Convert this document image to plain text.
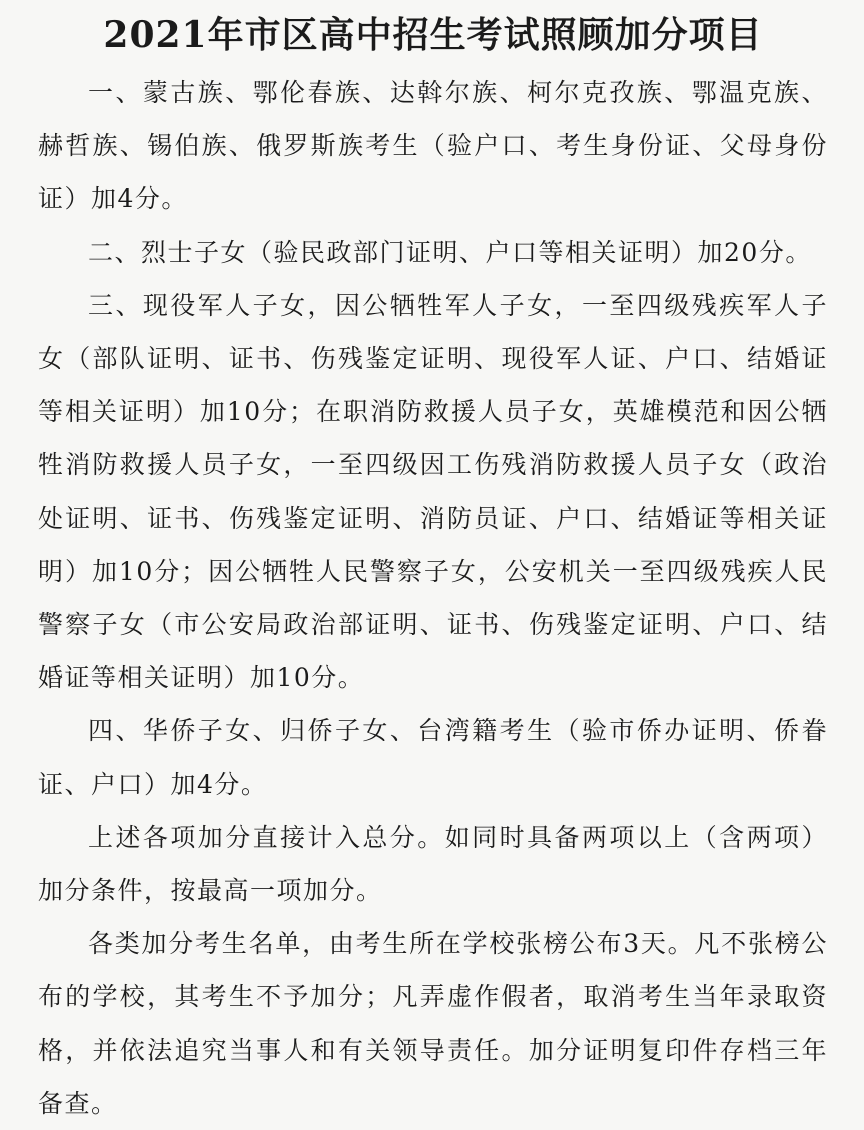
2021年市区高中招生考试照顾加分项目

一、蒙古族、鄂伦春族、达斡尔族、柯尔克孜族、鄂温克族、赫哲族、锡伯族、俄罗斯族考生（验户口、考生身份证、父母身份证）加4分。

二、烈士子女（验民政部门证明、户口等相关证明）加20分。

三、现役军人子女，因公牺牲军人子女，一至四级残疾军人子女（部队证明、证书、伤残鉴定证明、现役军人证、户口、结婚证等相关证明）加10分；在职消防救援人员子女，英雄模范和因公牺牲消防救援人员子女，一至四级因工伤残消防救援人员子女（政治处证明、证书、伤残鉴定证明、消防员证、户口、结婚证等相关证明）加10分；因公牺牲人民警察子女，公安机关一至四级残疾人民警察子女（市公安局政治部证明、证书、伤残鉴定证明、户口、结婚证等相关证明）加10分。

四、华侨子女、归侨子女、台湾籍考生（验市侨办证明、侨眷证、户口）加4分。

上述各项加分直接计入总分。如同时具备两项以上（含两项）加分条件，按最高一项加分。

各类加分考生名单，由考生所在学校张榜公布3天。凡不张榜公布的学校，其考生不予加分；凡弄虚作假者，取消考生当年录取资格，并依法追究当事人和有关领导责任。加分证明复印件存档三年备查。
